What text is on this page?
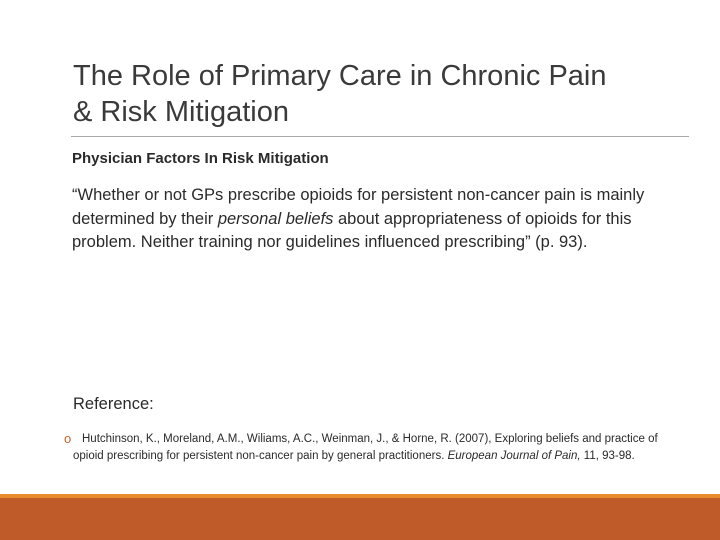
The Role of Primary Care in Chronic Pain
& Risk Mitigation
Physician Factors In Risk Mitigation
“Whether or not GPs prescribe opioids for persistent non-cancer pain is mainly determined by their personal beliefs about appropriateness of opioids for this problem. Neither training nor guidelines influenced prescribing” (p. 93).
Reference:
o Hutchinson, K., Moreland, A.M., Wiliams, A.C., Weinman, J., & Horne, R. (2007), Exploring beliefs and practice of opioid prescribing for persistent non-cancer pain by general practitioners. European Journal of Pain, 11, 93-98.
